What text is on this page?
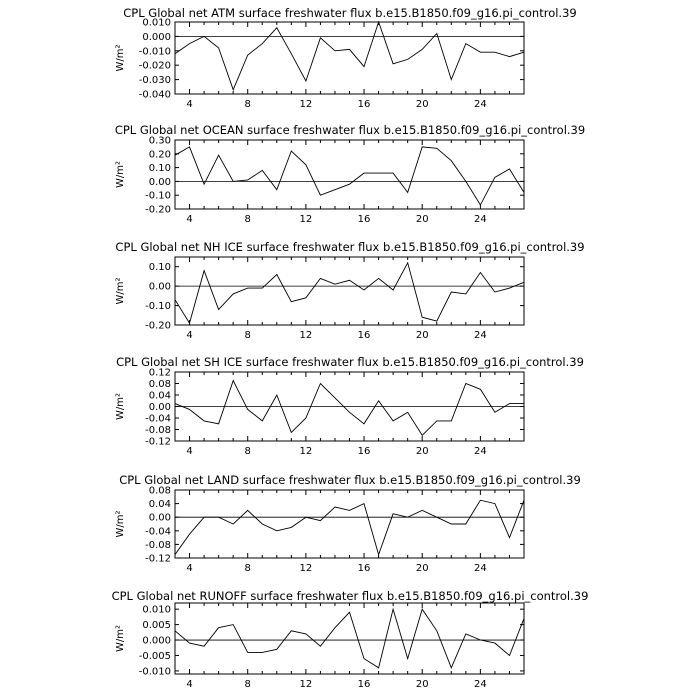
CPL Global net ATM surface freshwater flux b.e15.B1850.f09_g16.pi_control.39
W/m²
0.010
0.000
-0.010
-0.020
-0.030
-0.040
4	8	12	16	20	24
CPL Global net OCEAN surface freshwater flux b.e15.B1850.f09_g16.pi_control.39
W/m²
0.30
0.20
0.10
0.00
-0.10
-0.20
4	8	12	16	20	24
CPL Global net NH ICE surface freshwater flux b.e15.B1850.f09_g16.pi_control.39
W/m²
0.10
0.00
-0.10
-0.20
4	8	12	16	20	24
CPL Global net SH ICE surface freshwater flux b.e15.B1850.f09_g16.pi_control.39
W/m²
0.12
0.08
0.04
0.00
-0.04
-0.08
-0.12
4	8	12	16	20	24
CPL Global net LAND surface freshwater flux b.e15.B1850.f09_g16.pi_control.39
W/m²
0.08
0.04
0.00
-0.04
-0.08
-0.12
4	8	12	16	20	24
CPL Global net RUNOFF surface freshwater flux b.e15.B1850.f09_g16.pi_control.39
W/m²
0.010
0.005
0.000
-0.005
-0.010
4	8	12	16	20	24
